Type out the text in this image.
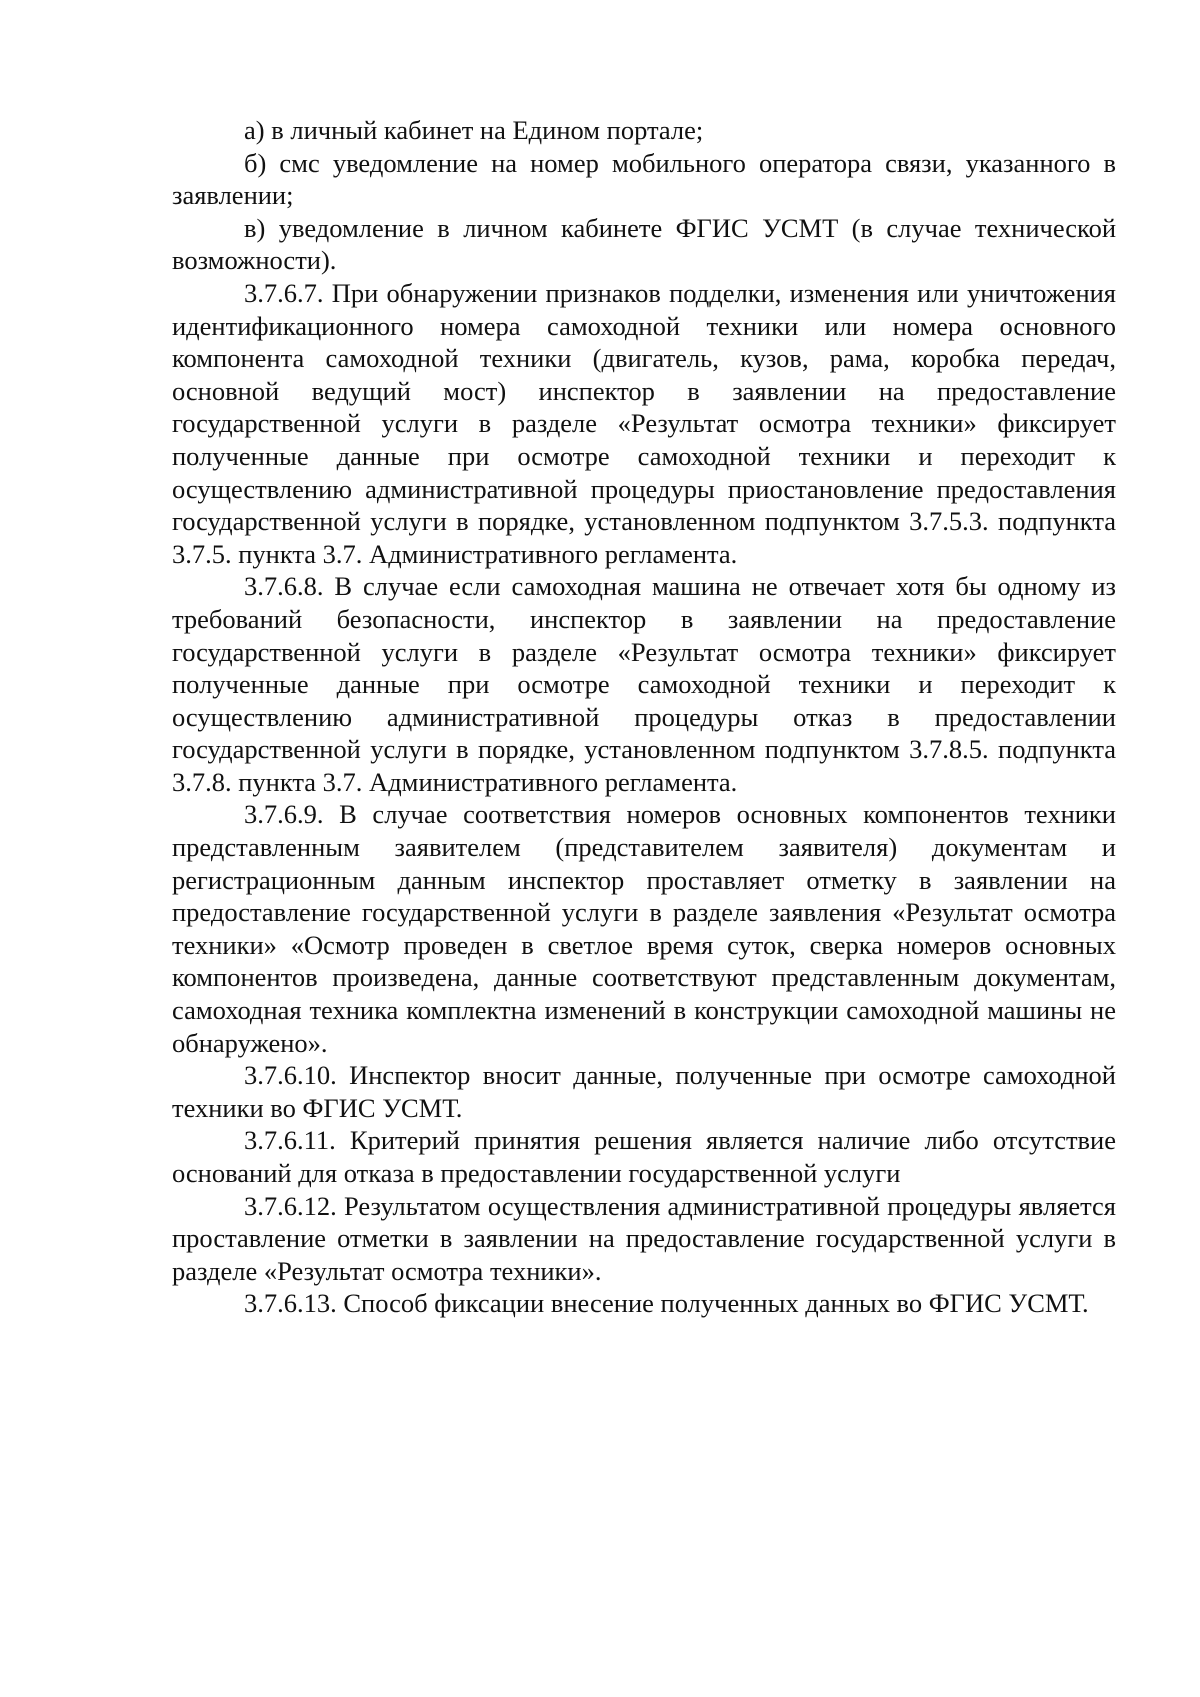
а) в личный кабинет на Едином портале;

б) смс уведомление на номер мобильного оператора связи, указанного в заявлении;

в) уведомление в личном кабинете ФГИС УСМТ (в случае технической возможности).

3.7.6.7. При обнаружении признаков подделки, изменения или уничтожения идентификационного номера самоходной техники или номера основного компонента самоходной техники (двигатель, кузов, рама, коробка передач, основной ведущий мост) инспектор в заявлении на предоставление государственной услуги в разделе «Результат осмотра техники» фиксирует полученные данные при осмотре самоходной техники и переходит к осуществлению административной процедуры приостановление предоставления государственной услуги в порядке, установленном подпунктом 3.7.5.3. подпункта 3.7.5. пункта 3.7. Административного регламента.

3.7.6.8. В случае если самоходная машина не отвечает хотя бы одному из требований безопасности, инспектор в заявлении на предоставление государственной услуги в разделе «Результат осмотра техники» фиксирует полученные данные при осмотре самоходной техники и переходит к осуществлению административной процедуры отказ в предоставлении государственной услуги в порядке, установленном подпунктом 3.7.8.5. подпункта 3.7.8. пункта 3.7. Административного регламента.

3.7.6.9. В случае соответствия номеров основных компонентов техники представленным заявителем (представителем заявителя) документам и регистрационным данным инспектор проставляет отметку в заявлении на предоставление государственной услуги в разделе заявления «Результат осмотра техники» «Осмотр проведен в светлое время суток, сверка номеров основных компонентов произведена, данные соответствуют представленным документам, самоходная техника комплектна изменений в конструкции самоходной машины не обнаружено».

3.7.6.10. Инспектор вносит данные, полученные при осмотре самоходной техники во ФГИС УСМТ.

3.7.6.11. Критерий принятия решения является наличие либо отсутствие оснований для отказа в предоставлении государственной услуги

3.7.6.12. Результатом осуществления административной процедуры является проставление отметки в заявлении на предоставление государственной услуги в разделе «Результат осмотра техники».

3.7.6.13. Способ фиксации внесение полученных данных во ФГИС УСМТ.
